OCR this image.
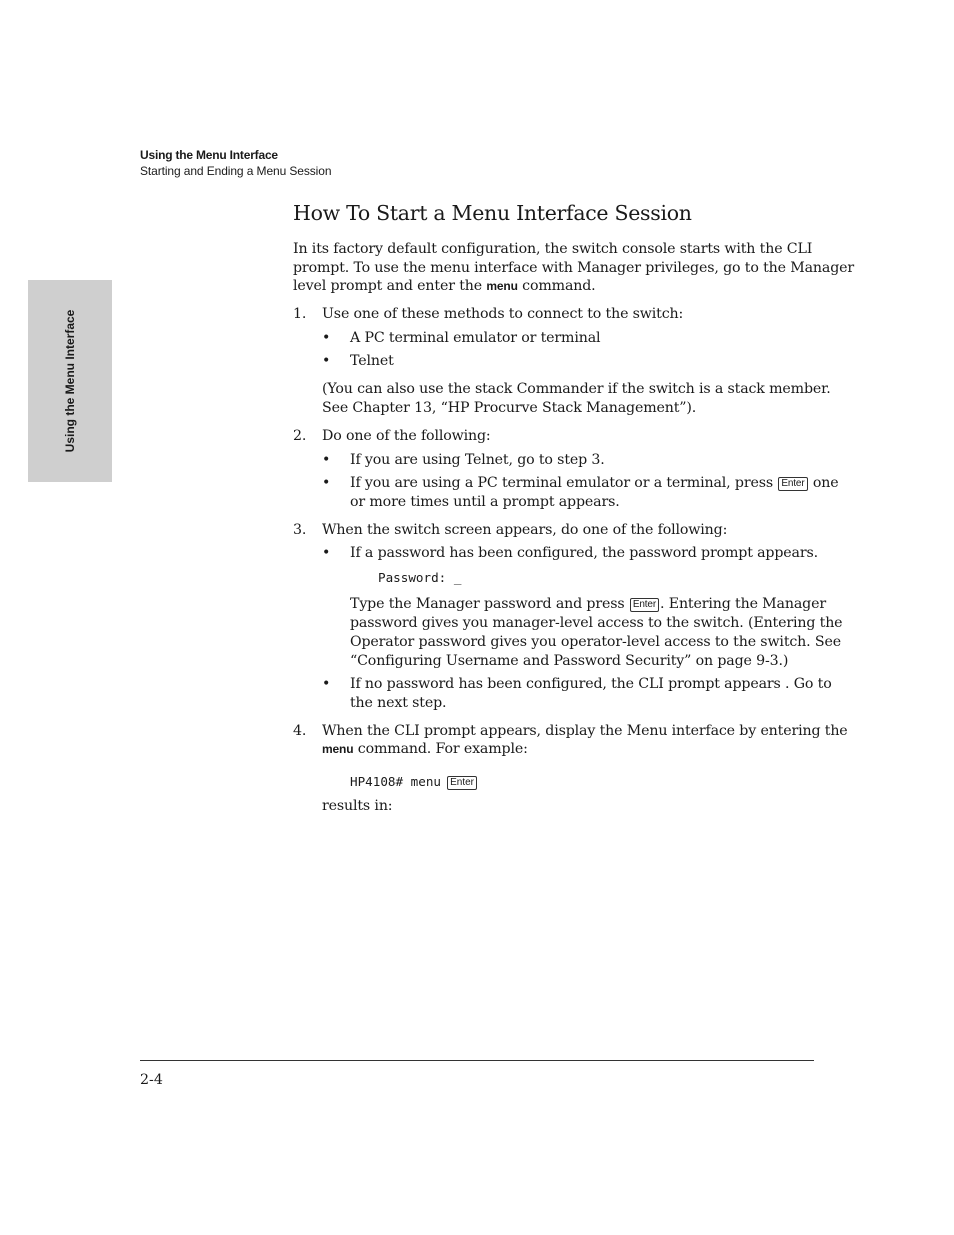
Using the Menu Interface
Starting and Ending a Menu Session
Using the Menu Interface
How To Start a Menu Interface Session
In its factory default configuration, the switch console starts with the CLI
prompt. To use the menu interface with Manager privileges, go to the Manager
level prompt and enter the menu command.
1. Use one of these methods to connect to the switch:
• A PC terminal emulator or terminal
• Telnet
(You can also use the stack Commander if the switch is a stack member.
See Chapter 13, “HP Procurve Stack Management”).
2. Do one of the following:
• If you are using Telnet, go to step 3.
• If you are using a PC terminal emulator or a terminal, press Enter one
or more times until a prompt appears.
3. When the switch screen appears, do one of the following:
• If a password has been configured, the password prompt appears.
Password: _
Type the Manager password and press Enter . Entering the Manager
password gives you manager-level access to the switch. (Entering the
Operator password gives you operator-level access to the switch. See
“Configuring Username and Password Security” on page 9-3.)
• If no password has been configured, the CLI prompt appears . Go to
the next step.
4. When the CLI prompt appears, display the Menu interface by entering the
menu command. For example:
HP4108# menu Enter
results in:
2-4
